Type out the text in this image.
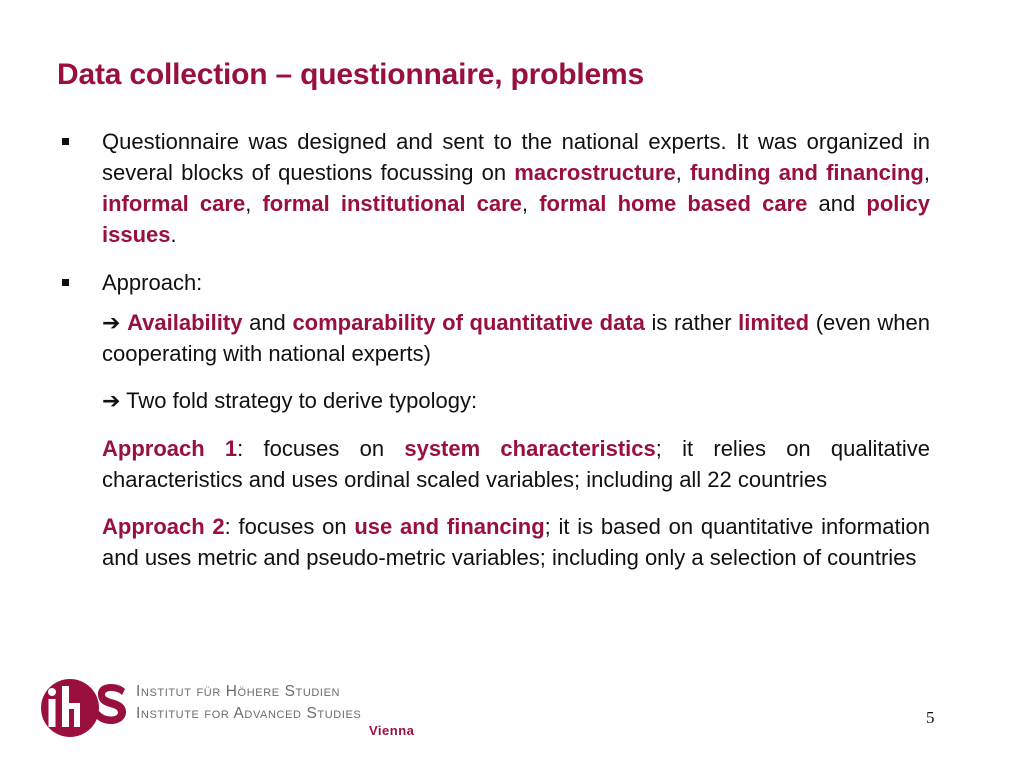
Data collection – questionnaire, problems
Questionnaire was designed and sent to the national experts. It was organized in several blocks of questions focussing on macrostructure, funding and financing, informal care, formal institutional care, formal home based care and policy issues.
Approach:
➔ Availability and comparability of quantitative data is rather limited (even when cooperating with national experts)
➔ Two fold strategy to derive typology:
Approach 1: focuses on system characteristics; it relies on qualitative characteristics and uses ordinal scaled variables; including all 22 countries
Approach 2: focuses on use and financing; it is based on quantitative information and uses metric and pseudo-metric variables; including only a selection of countries
Institut für Höhere Studien
Institute for Advanced Studies
Vienna
5
